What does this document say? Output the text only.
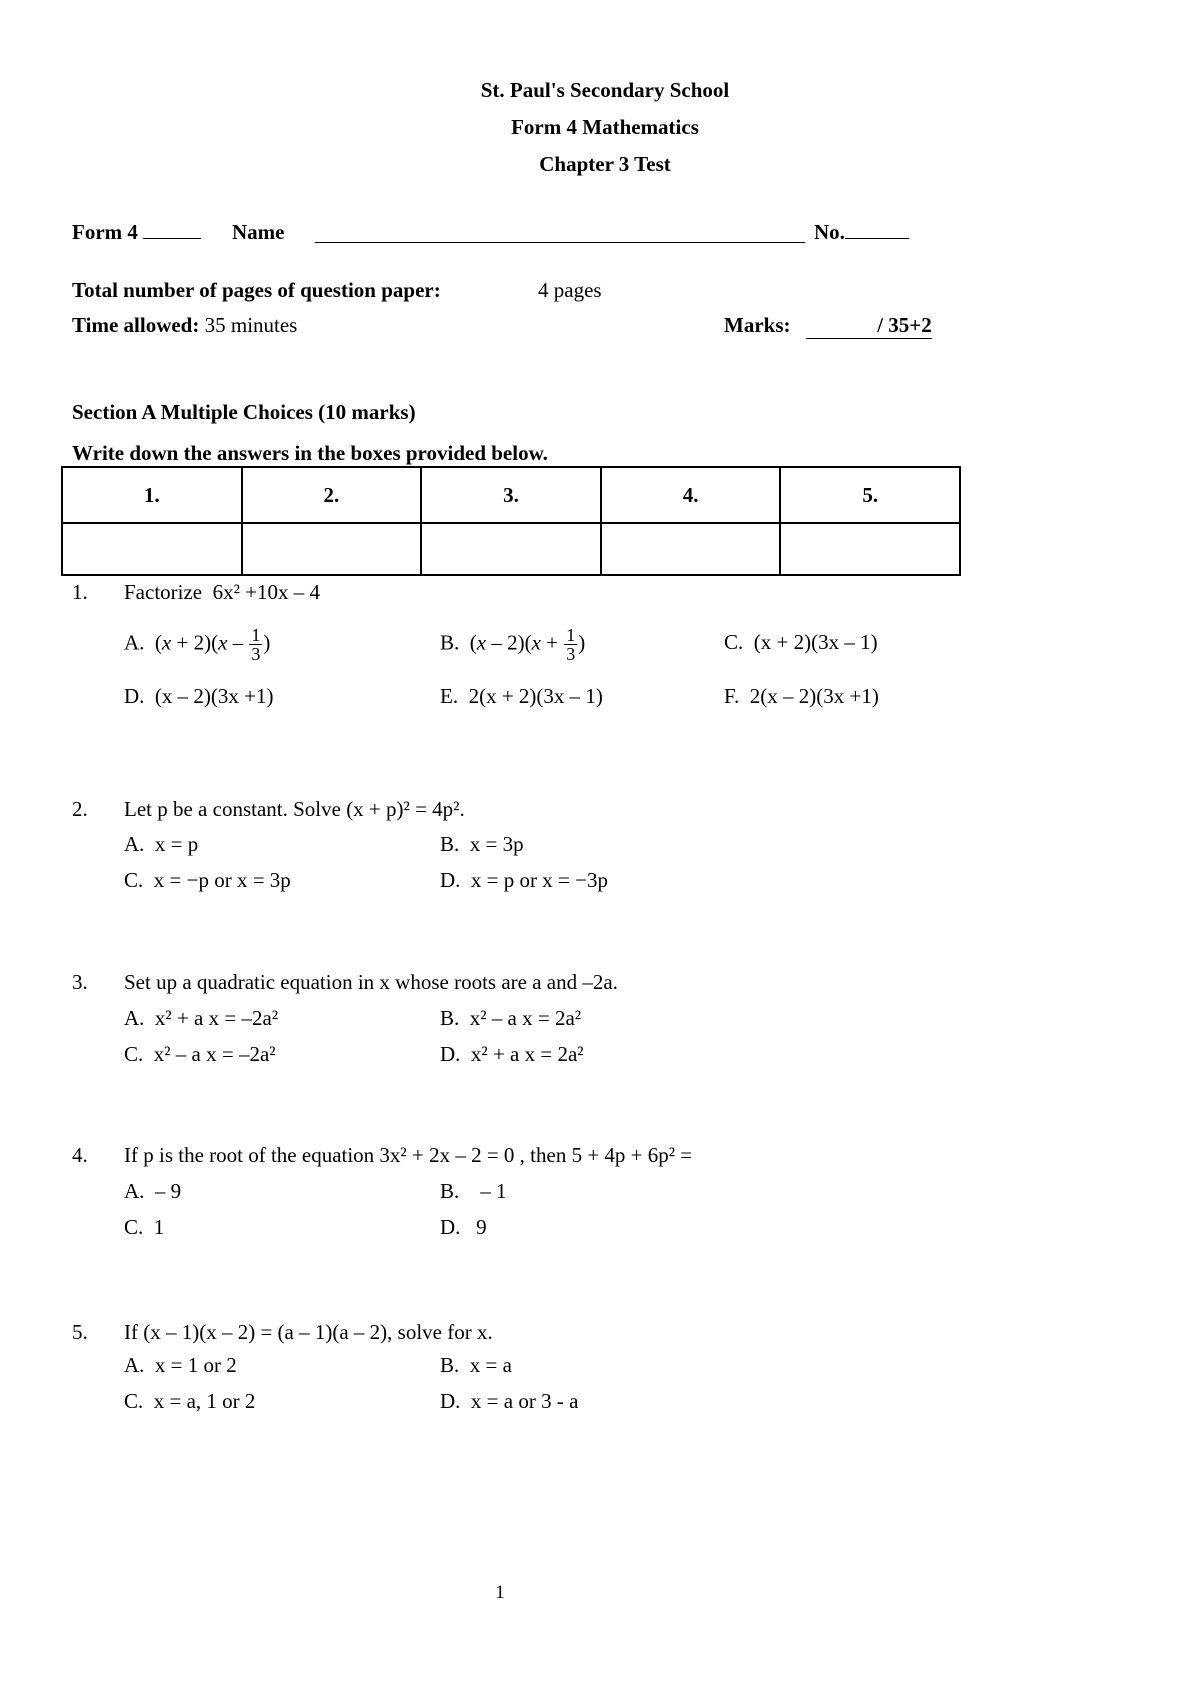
St. Paul's Secondary School
Form 4 Mathematics
Chapter 3 Test
Form 4	Name	No.
Total number of pages of question paper:	4 pages
Time allowed: 35 minutes	Marks:	/ 35+2
Section A Multiple Choices (10 marks)
Write down the answers in the boxes provided below.
1.	2.	3.	4.	5.

1. Factorize 6x² +10x – 4
A.  $(x + 2)(x - \frac{1}{3}$ )	B.  $(x - 2)(x + \frac{1}{3}$ )	C. (x + 2)(3x – 1)
D. (x – 2)(3x +1)	E. 2(x + 2)(3x – 1)	F. 2(x – 2)(3x +1)
2. Let p be a constant. Solve (x + p)² = 4p².
A. x = p	B. x = 3p
C. x = −p or x = 3p	D. x = p or x = −3p
3. Set up a quadratic equation in x whose roots are a and –2a.
A. x² + a x = –2a²	B. x² – a x = 2a²
C. x² – a x = –2a²	D. x² + a x = 2a²
4. If p is the root of the equation 3x² + 2x – 2 = 0 , then 5 + 4p + 6p² =
A. – 9	B. – 1
C. 1	D. 9
5. If (x – 1)(x – 2) = (a – 1)(a – 2), solve for x.
A. x = 1 or 2	B. x = a
C. x = a, 1 or 2	D. x = a or 3 - a
1
